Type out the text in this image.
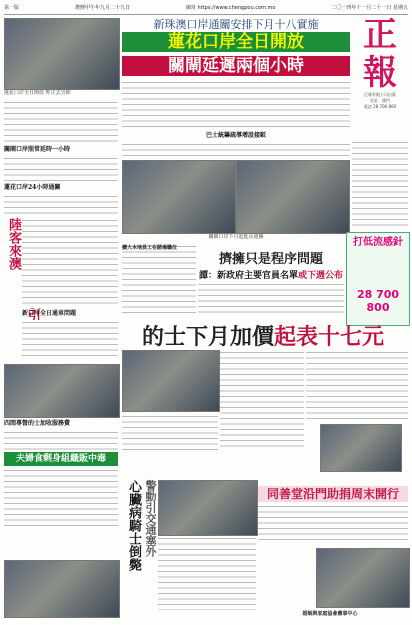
第一版	農曆甲午年九月二十九日	網址 https://www.chengpou.com.mo	二〇一四年十一月二十一日 星期五
蓮花口岸全日開放 昨正式宣佈
新珠澳口岸通關安排下月十八實施
蓮花口岸全日開放
關閘延遲兩個小時
正報
正報有限公司出版
社址：澳門
電話 28 700 800
關閘口岸照常延時一小時
蓮花口岸24小時通關
巴士統籌疏導增設接駁
關閘口岸下月起延長通關
引 陸客來澳
新口岸全日通車問題
四間專營的士加收服務費
擴大本地員工在賭場職位
擠擁只是程序問題
譚：新政府主要官員名單或下週公布
打低流感針
28 700 800
的士下月加價起表十七元
夫婦食剩身組織販中毒
心臟病騎士倒斃 警動引交通塞外	同善堂沿門助捐周末開行
婚姻與家庭協會應事中心
